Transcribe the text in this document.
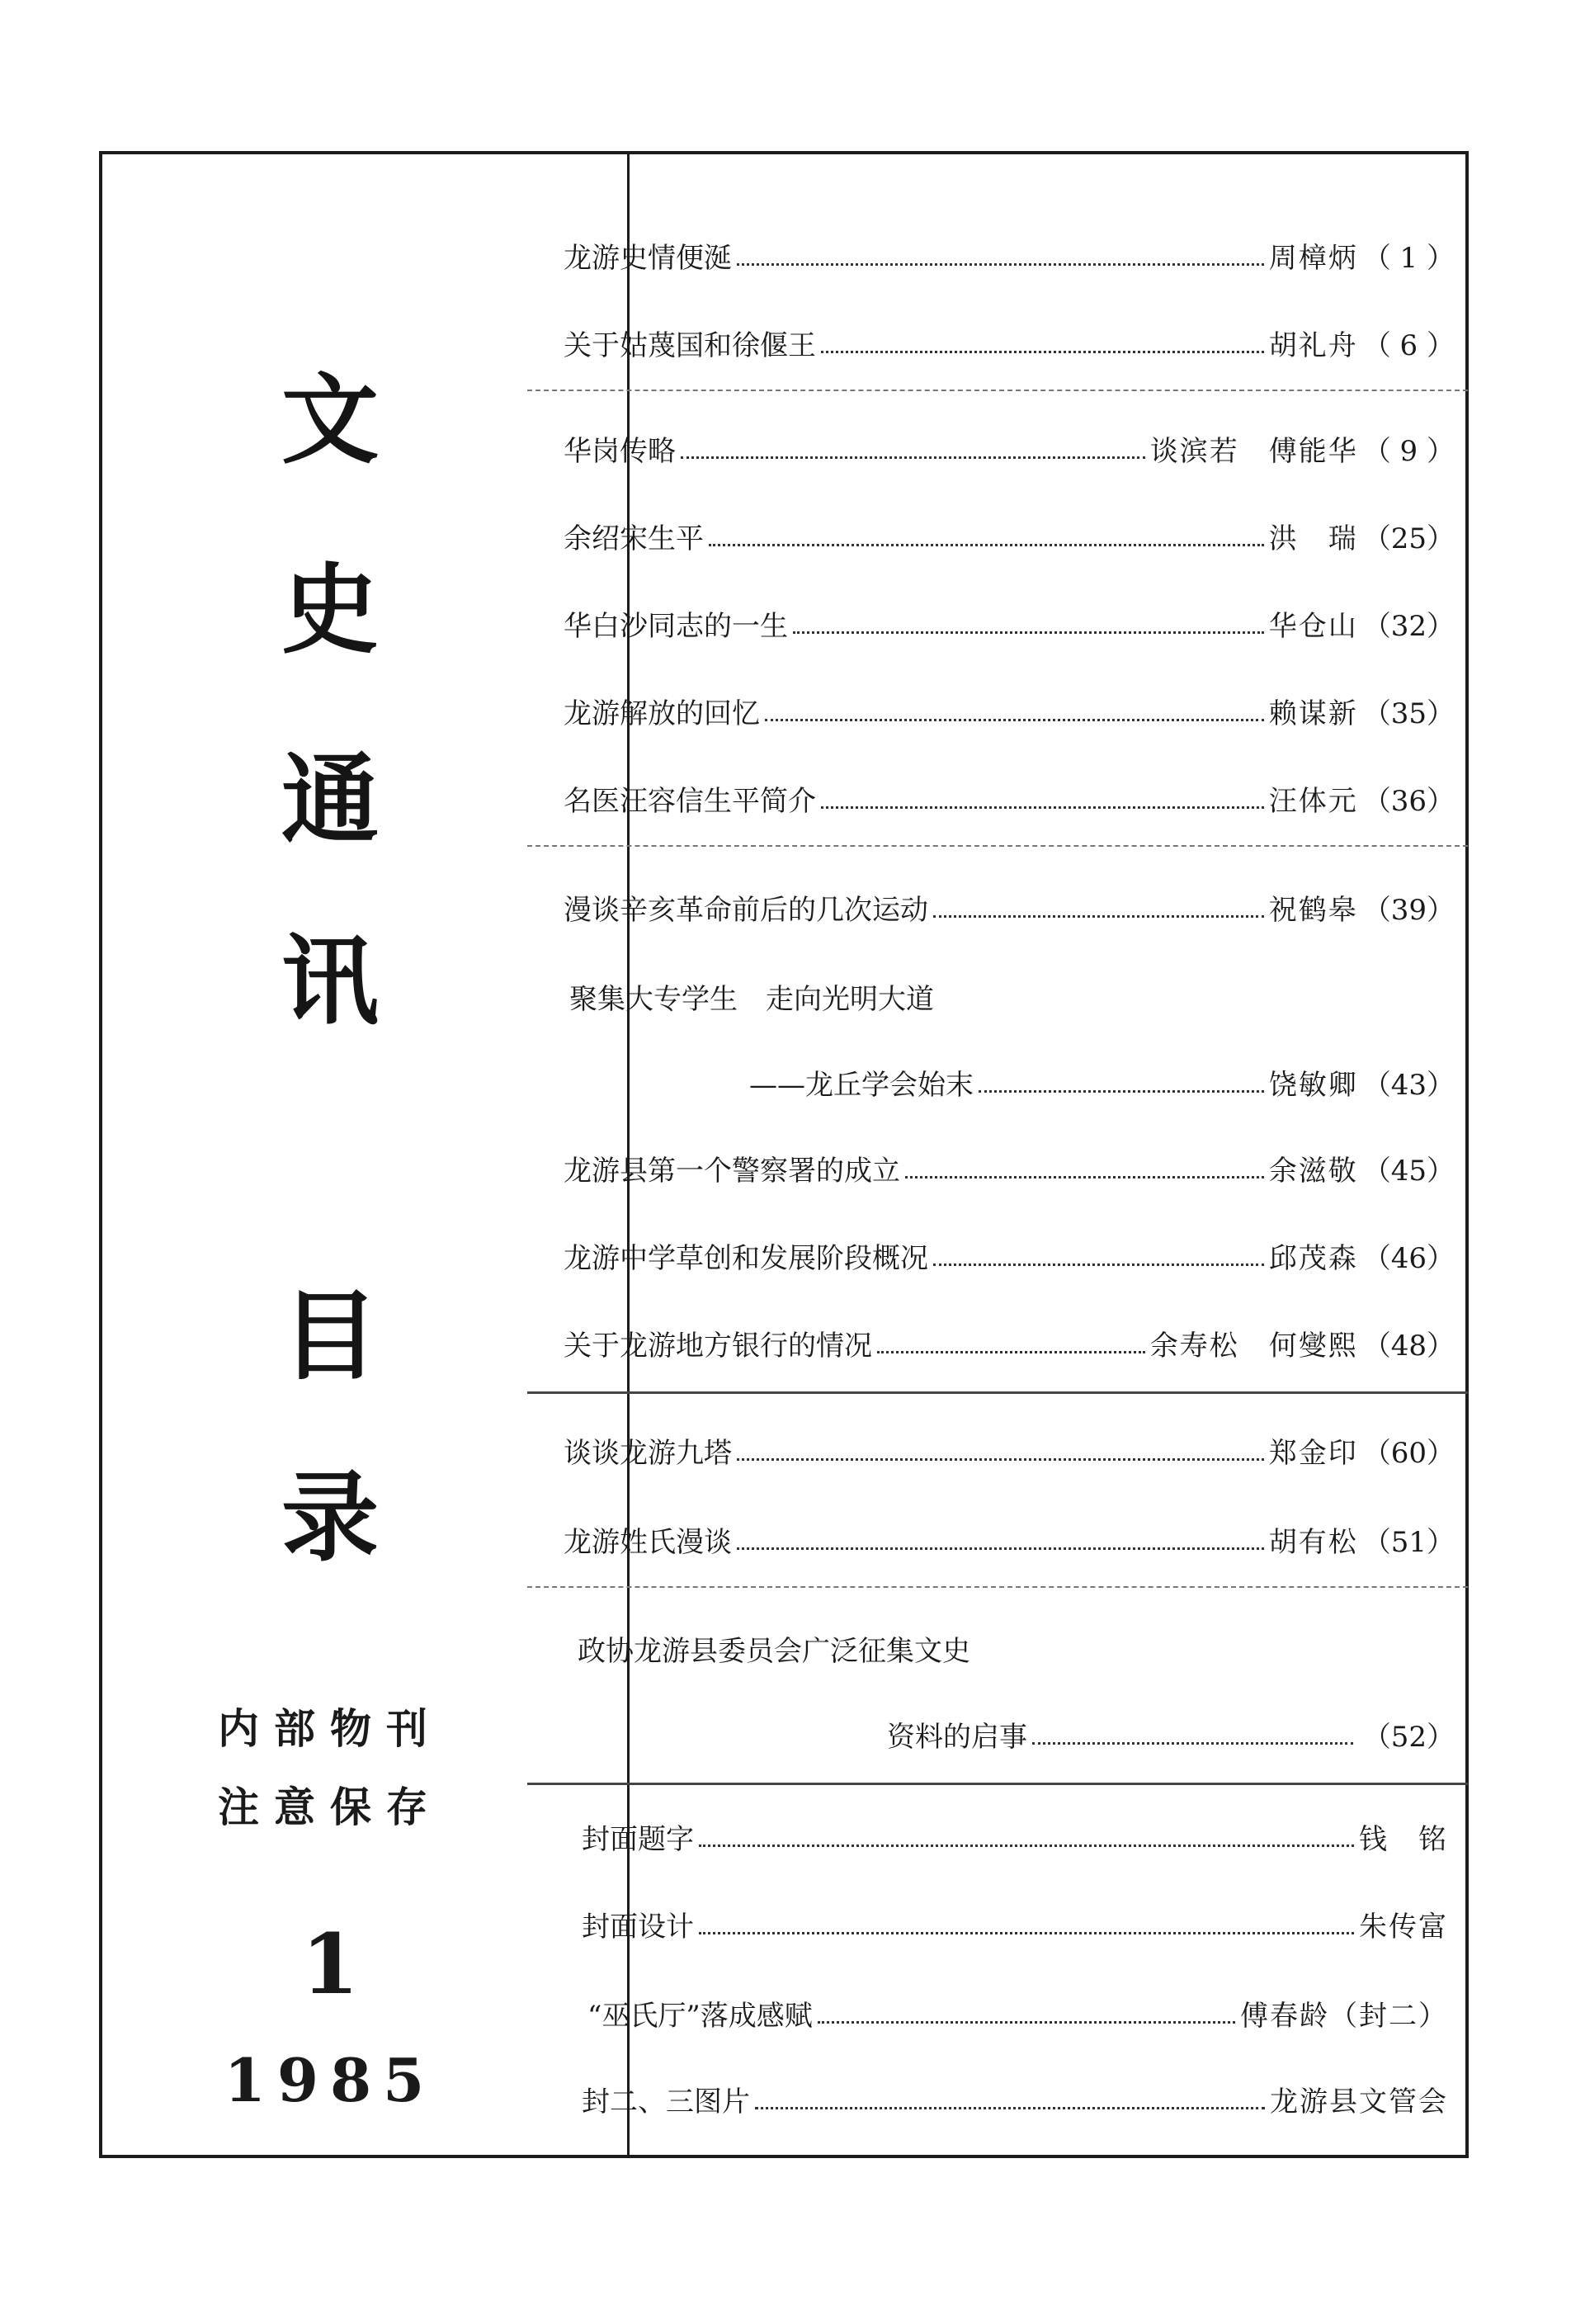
文
史
通
讯
目
录
内部物刊
注意保存
1
1985
龙游史情便涎	周樟炳 （ 1 ）
关于姑蔑国和徐偃王	胡礼舟 （ 6 ）
华岗传略	谈滨若　傅能华 （ 9 ）
余绍宋生平	洪　瑞 （25）
华白沙同志的一生	华仓山 （32）
龙游解放的回忆	赖谋新 （35）
名医汪容信生平简介	汪体元 （36）
漫谈辛亥革命前后的几次运动	祝鹤皋 （39）
聚集大专学生　走向光明大道
——龙丘学会始末	饶敏卿 （43）
龙游县第一个警察署的成立	余滋敬 （45）
龙游中学草创和发展阶段概况	邱茂森 （46）
关于龙游地方银行的情况	余寿松　何燮熙 （48）
谈谈龙游九塔	郑金印 （60）
龙游姓氏漫谈	胡有松 （51）
政协龙游县委员会广泛征集文史
资料的启事	（52）
封面题字	钱　铭
封面设计	朱传富
“巫氏厅”落成感赋	傅春龄（封二）
封二、三图片	龙游县文管会
